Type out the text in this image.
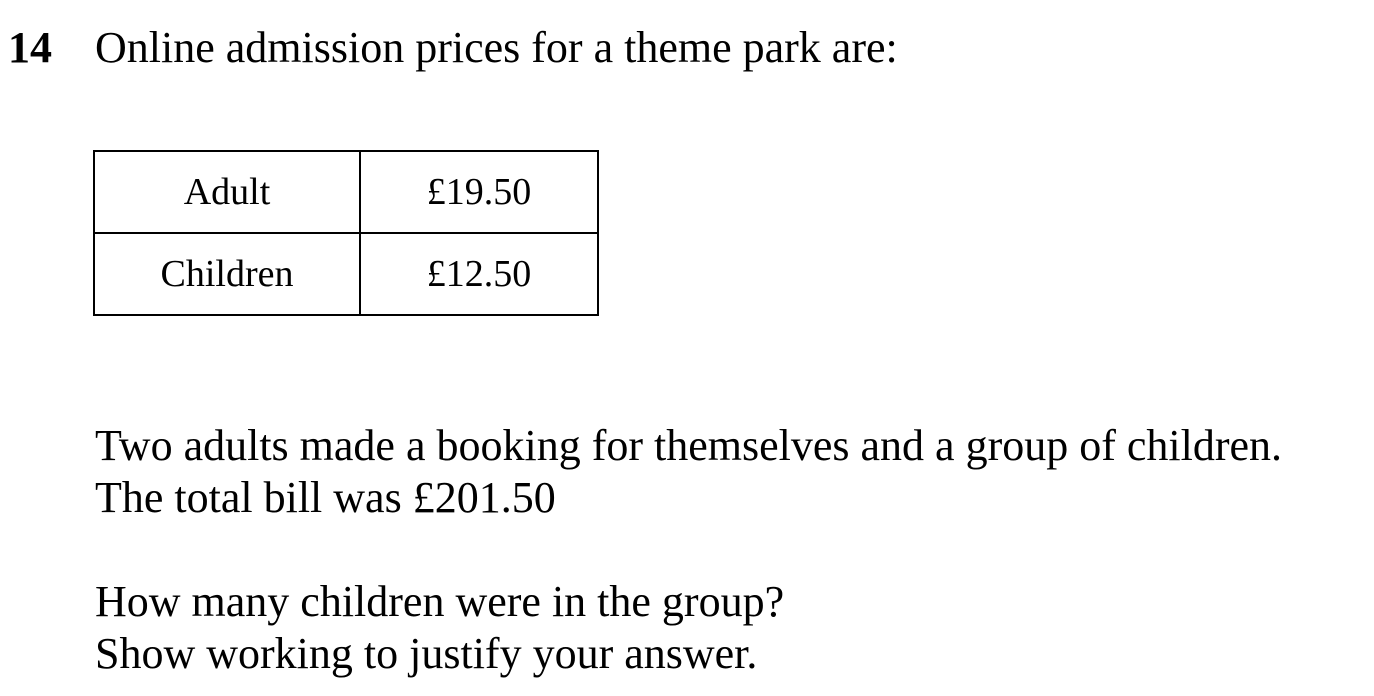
14 Online admission prices for a theme park are:
Adult	£19.50
Children	£12.50
Two adults made a booking for themselves and a group of children.
The total bill was £201.50
How many children were in the group?
Show working to justify your answer.
